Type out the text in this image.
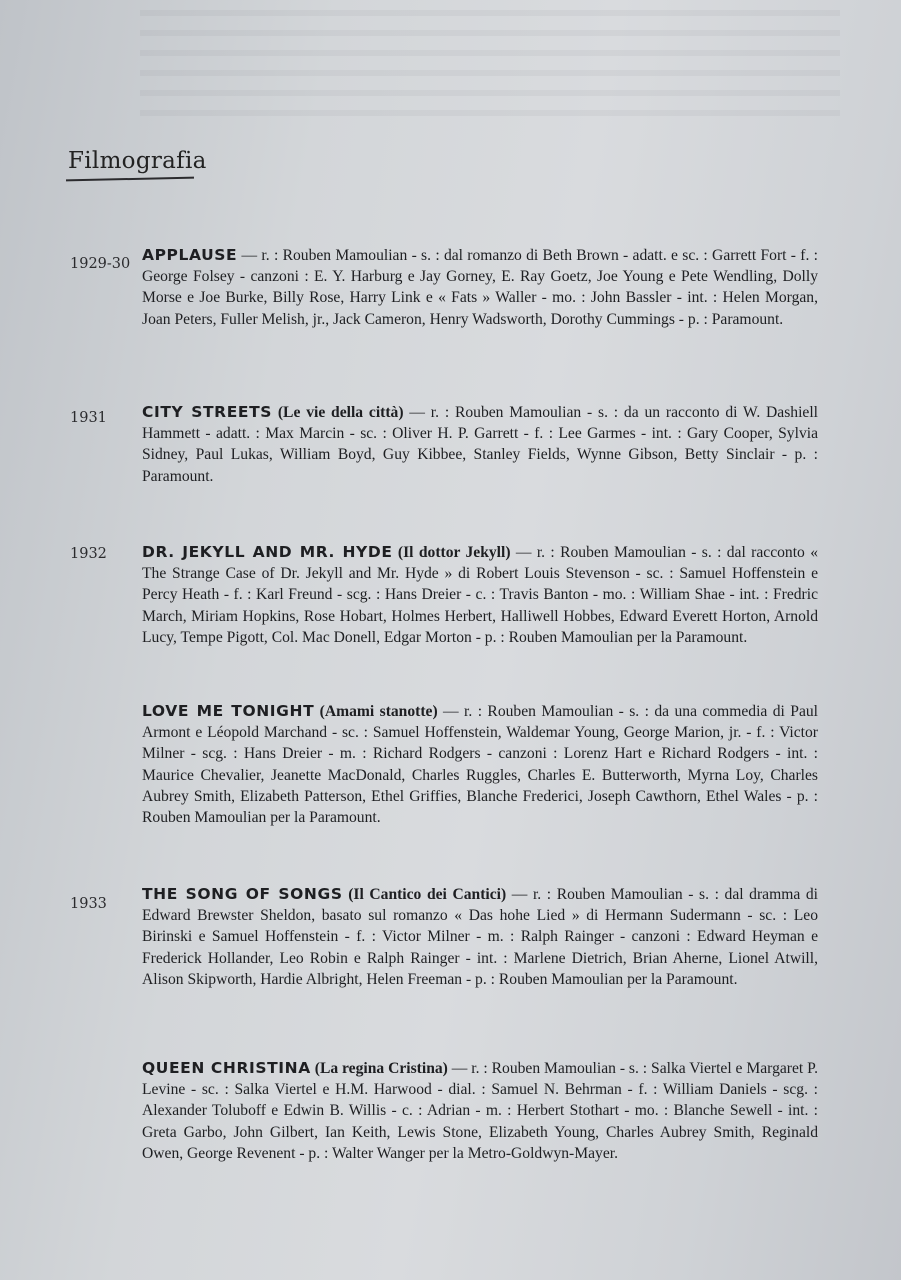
Filmografia
1929-30 APPLAUSE — r. : Rouben Mamoulian - s. : dal romanzo di Beth Brown - adatt. e sc. : Garrett Fort - f. : George Folsey - canzoni : E. Y. Harburg e Jay Gorney, E. Ray Goetz, Joe Young e Pete Wendling, Dolly Morse e Joe Burke, Billy Rose, Harry Link e « Fats » Waller - mo. : John Bassler - int. : Helen Morgan, Joan Peters, Fuller Melish, jr., Jack Cameron, Henry Wadsworth, Dorothy Cummings - p. : Paramount.
1931	CITY STREETS (Le vie della città) — r. : Rouben Mamoulian - s. : da un racconto di W. Dashiell Hammett - adatt. : Max Marcin - sc. : Oliver H. P. Garrett - f. : Lee Garmes - int. : Gary Cooper, Sylvia Sidney, Paul Lukas, William Boyd, Guy Kibbee, Stanley Fields, Wynne Gibson, Betty Sinclair - p. : Paramount.
1932	DR. JEKYLL AND MR. HYDE (Il dottor Jekyll) — r. : Rouben Mamoulian - s. : dal racconto « The Strange Case of Dr. Jekyll and Mr. Hyde » di Robert Louis Stevenson - sc. : Samuel Hoffenstein e Percy Heath - f. : Karl Freund - scg. : Hans Dreier - c. : Travis Banton - mo. : William Shae - int. : Fredric March, Miriam Hopkins, Rose Hobart, Holmes Herbert, Halliwell Hobbes, Edward Everett Horton, Arnold Lucy, Tempe Pigott, Col. Mac Donell, Edgar Morton - p. : Rouben Mamoulian per la Paramount.
LOVE ME TONIGHT (Amami stanotte) — r. : Rouben Mamoulian - s. : da una commedia di Paul Armont e Léopold Marchand - sc. : Samuel Hoffenstein, Waldemar Young, George Marion, jr. - f. : Victor Milner - scg. : Hans Dreier - m. : Richard Rodgers - canzoni : Lorenz Hart e Richard Rodgers - int. : Maurice Chevalier, Jeanette MacDonald, Charles Ruggles, Charles E. Butterworth, Myrna Loy, Charles Aubrey Smith, Elizabeth Patterson, Ethel Griffies, Blanche Frederici, Joseph Cawthorn, Ethel Wales - p. : Rouben Mamoulian per la Paramount.
1933
THE SONG OF SONGS (Il Cantico dei Cantici) — r. : Rouben Mamoulian - s. : dal dramma di Edward Brewster Sheldon, basato sul romanzo « Das hohe Lied » di Hermann Sudermann - sc. : Leo Birinski e Samuel Hoffenstein - f. : Victor Milner - m. : Ralph Rainger - canzoni : Edward Heyman e Frederick Hollander, Leo Robin e Ralph Rainger - int. : Marlene Dietrich, Brian Aherne, Lionel Atwill, Alison Skipworth, Hardie Albright, Helen Freeman - p. : Rouben Mamoulian per la Paramount.
QUEEN CHRISTINA (La regina Cristina) — r. : Rouben Mamoulian - s. : Salka Viertel e Margaret P. Levine - sc. : Salka Viertel e H.M. Harwood - dial. : Samuel N. Behrman - f. : William Daniels - scg. : Alexander Toluboff e Edwin B. Willis - c. : Adrian - m. : Herbert Stothart - mo. : Blanche Sewell - int. : Greta Garbo, John Gilbert, Ian Keith, Lewis Stone, Elizabeth Young, Charles Aubrey Smith, Reginald Owen, George Revenent - p. : Walter Wanger per la Metro-Goldwyn-Mayer.
